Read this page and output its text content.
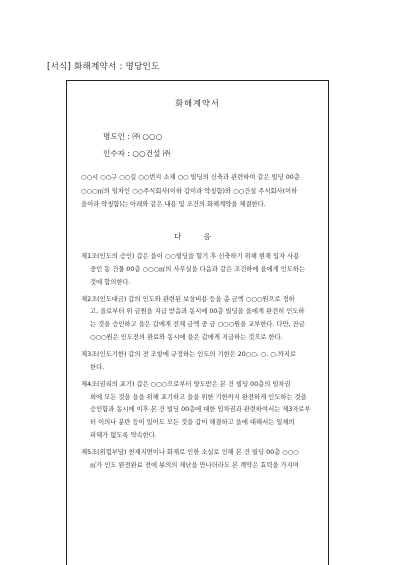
[서식] 화해계약서 : 명당인도
화해계약서
명도인 : ㈜ ○○○
인수자 : ○○건설 ㈜
○○시 ○○구 ○○길 ○○번지 소재 ○○ 빌딩의 신축과 관련하여 같은 빌딩 00층
○○○㎡의 임차인 ○○주식회사(이하 갑이라 약칭함)와 ○○건설 주식회사(이하
을이라 약칭함)는 아래와 같은 내용 및 조건의 화해계약을 체결한다.
다 음
제1조(인도의 승인) 갑은 을이 ○○빌딩을 헐기 후 신축하기 위해 현재 입자 사용
중인 동 건물 00층 ○○○㎡의 사무실을 다음과 같은 조건하에 을에게 인도하는
것에 합의한다.
제2조(인도대금) 갑의 인도와 관련된 보상비용 등을 총 금액 ○○○원으로 정하
고, 을로부터 위 금원을 지급 받음과 동시에 00층 빌딩을 을에게 완전히 인도하
는 것을 승인하고 을은 갑에게 전체 금액 중 금 ○○○원을 교부한다. 다만, 잔금
○○○원은 인도전의 완료와 동시에 을은 갑에게 지급하는 것으로 한다.
제3조(인도기한) 갑의 전 조항에 규정하는 인도의 기한은 20○○. ○. ○.까지로
한다.
제4조(권리의 포기) 갑은 ○○○으로부터 양도받은 본 건 빌딩 00층의 임차권
외에 모든 것을 을을 위해 포기하고 을을 위한 기한까지 완전하게 인도하는 것을
승인함과 동시에 이후 본 건 빌딩 00층에 대한 임차권과 관련하여서는 제3자로부
터 이의나 분란 등이 있어도 모든 것을 갑이 해결하고 을에 대해서는 일체의
피해가 없도록 약속한다.
제5조(위험부담) 천재지변이나 화재로 인한 소실로 인해 본 건 빌딩 00층 ○○○
㎡가 인도 완전완료 전에 뷰의의 재난을 만나더라도 본 계약은 효력을 가지며
